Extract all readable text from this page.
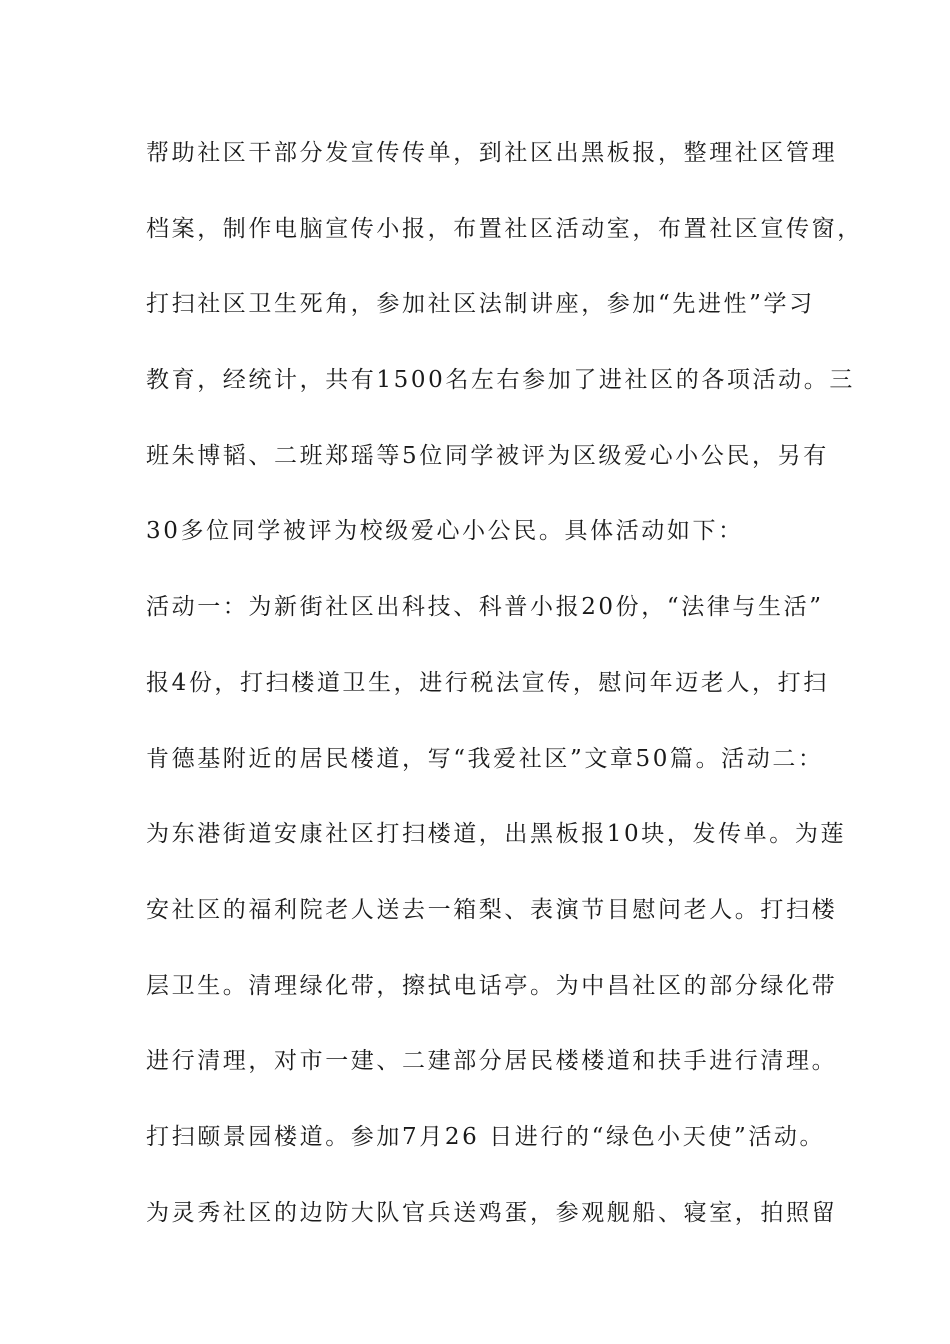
帮助社区干部分发宣传传单，到社区出黑板报，整理社区管理
档案，制作电脑宣传小报，布置社区活动室，布置社区宣传窗，
打扫社区卫生死角，参加社区法制讲座，参加“先进性”学习
教育，经统计，共有1500名左右参加了进社区的各项活动。三
班朱博韬、二班郑瑶等5位同学被评为区级爱心小公民，另有
30多位同学被评为校级爱心小公民。具体活动如下：
活动一：为新街社区出科技、科普小报20份，“法律与生活”
报4份，打扫楼道卫生，进行税法宣传，慰问年迈老人，打扫
肯德基附近的居民楼道，写“我爱社区”文章50篇。活动二：
为东港街道安康社区打扫楼道，出黑板报10块，发传单。为莲
安社区的福利院老人送去一箱梨、表演节目慰问老人。打扫楼
层卫生。清理绿化带，擦拭电话亭。为中昌社区的部分绿化带
进行清理，对市一建、二建部分居民楼楼道和扶手进行清理。
打扫颐景园楼道。参加7月26 日进行的“绿色小天使”活动。
为灵秀社区的边防大队官兵送鸡蛋，参观舰船、寝室，拍照留
